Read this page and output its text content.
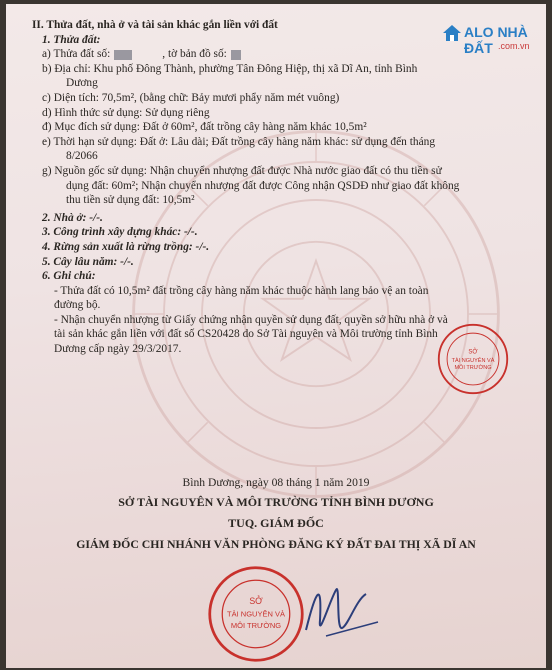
ALO NHÀ ĐẤT .com.vn
II. Thửa đất, nhà ở và tài sản khác gắn liền với đất
1. Thửa đất:
a) Thửa đất số:	, tờ bản đồ số:
b) Địa chỉ: Khu phố Đông Thành, phường Tân Đông Hiệp, thị xã Dĩ An, tỉnh Bình
Dương
c) Diện tích: 70,5m², (bằng chữ: Bảy mươi phẩy năm mét vuông)
d) Hình thức sử dụng: Sử dụng riêng
đ) Mục đích sử dụng: Đất ở 60m², đất trồng cây hàng năm khác 10,5m²
e) Thời hạn sử dụng: Đất ở: Lâu dài; Đất trồng cây hàng năm khác: sử dụng đến tháng
8/2066
g) Nguồn gốc sử dụng: Nhận chuyển nhượng đất được Nhà nước giao đất có thu tiền sử
dụng đất: 60m²; Nhận chuyển nhượng đất được Công nhận QSDĐ như giao đất không
thu tiền sử dụng đất: 10,5m²
2. Nhà ở: -/-.
3. Công trình xây dựng khác: -/-.
4. Rừng sản xuất là rừng trồng: -/-.
5. Cây lâu năm: -/-.
6. Ghi chú:
- Thửa đất có 10,5m² đất trồng cây hàng năm khác thuộc hành lang bảo vệ an toàn
đường bộ.
- Nhận chuyển nhượng từ Giấy chứng nhận quyền sử dụng đất, quyền sở hữu nhà ở và
tài sản khác gắn liền với đất số CS20428 do Sở Tài nguyên và Môi trường tỉnh Bình
Dương cấp ngày 29/3/2017.	SỞ
TÀI NGUYÊN VÀ
MÔI TRƯỜNG
Bình Dương, ngày 08 tháng 1 năm 2019
SỞ TÀI NGUYÊN VÀ MÔI TRƯỜNG TỈNH BÌNH DƯƠNG
TUQ. GIÁM ĐỐC
GIÁM ĐỐC CHI NHÁNH VĂN PHÒNG ĐĂNG KÝ ĐẤT ĐAI THỊ XÃ DĨ AN
SỞ
TÀI NGUYÊN VÀ
MÔI TRƯỜNG
